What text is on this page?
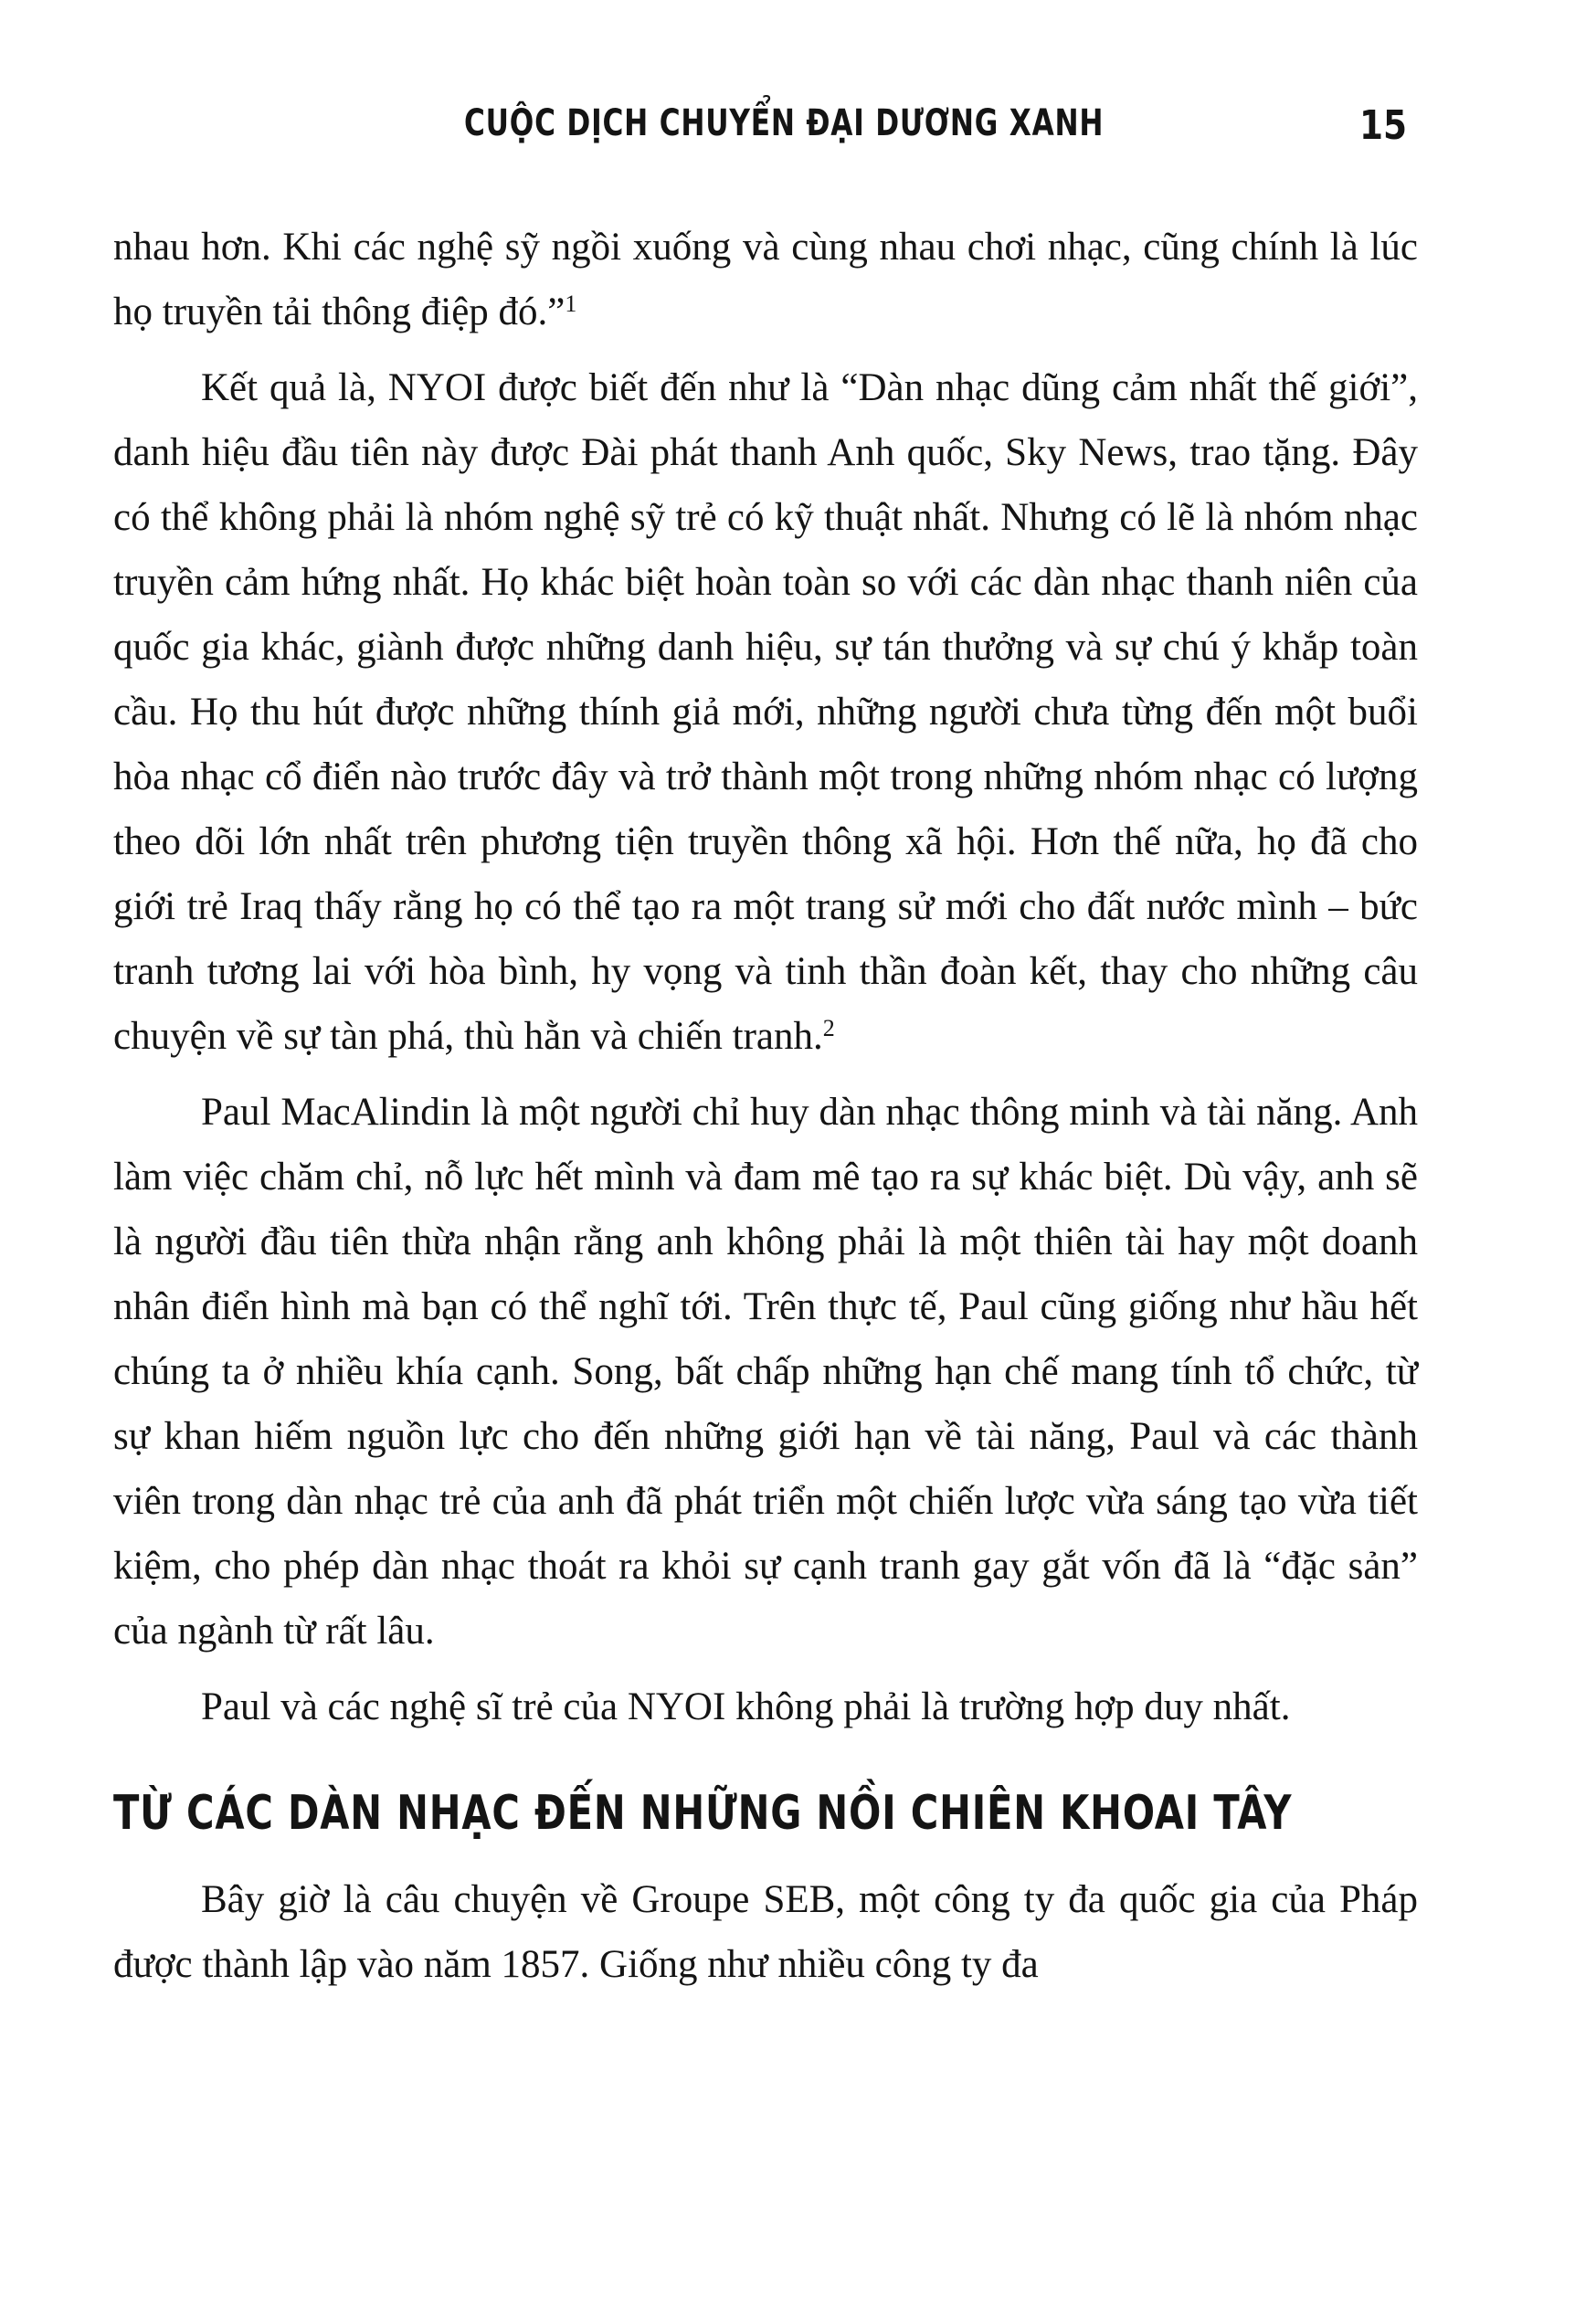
CUỘC DỊCH CHUYỂN ĐẠI DƯƠNG XANH	15

nhau hơn. Khi các nghệ sỹ ngồi xuống và cùng nhau chơi nhạc, cũng chính là lúc họ truyền tải thông điệp đó.”$^1$

Kết quả là, NYOI được biết đến như là “Dàn nhạc dũng cảm nhất thế giới”, danh hiệu đầu tiên này được Đài phát thanh Anh quốc, Sky News, trao tặng. Đây có thể không phải là nhóm nghệ sỹ trẻ có kỹ thuật nhất. Nhưng có lẽ là nhóm nhạc truyền cảm hứng nhất. Họ khác biệt hoàn toàn so với các dàn nhạc thanh niên của quốc gia khác, giành được những danh hiệu, sự tán thưởng và sự chú ý khắp toàn cầu. Họ thu hút được những thính giả mới, những người chưa từng đến một buổi hòa nhạc cổ điển nào trước đây và trở thành một trong những nhóm nhạc có lượng theo dõi lớn nhất trên phương tiện truyền thông xã hội. Hơn thế nữa, họ đã cho giới trẻ Iraq thấy rằng họ có thể tạo ra một trang sử mới cho đất nước mình – bức tranh tương lai với hòa bình, hy vọng và tinh thần đoàn kết, thay cho những câu chuyện về sự tàn phá, thù hằn và chiến tranh.$^2$

Paul MacAlindin là một người chỉ huy dàn nhạc thông minh và tài năng. Anh làm việc chăm chỉ, nỗ lực hết mình và đam mê tạo ra sự khác biệt. Dù vậy, anh sẽ là người đầu tiên thừa nhận rằng anh không phải là một thiên tài hay một doanh nhân điển hình mà bạn có thể nghĩ tới. Trên thực tế, Paul cũng giống như hầu hết chúng ta ở nhiều khía cạnh. Song, bất chấp những hạn chế mang tính tổ chức, từ sự khan hiếm nguồn lực cho đến những giới hạn về tài năng, Paul và các thành viên trong dàn nhạc trẻ của anh đã phát triển một chiến lược vừa sáng tạo vừa tiết kiệm, cho phép dàn nhạc thoát ra khỏi sự cạnh tranh gay gắt vốn đã là “đặc sản” của ngành từ rất lâu.

Paul và các nghệ sĩ trẻ của NYOI không phải là trường hợp duy nhất.

TỪ CÁC DÀN NHẠC ĐẾN NHỮNG NỒI CHIÊN KHOAI TÂY

Bây giờ là câu chuyện về Groupe SEB, một công ty đa quốc gia của Pháp được thành lập vào năm 1857. Giống như nhiều công ty đa
